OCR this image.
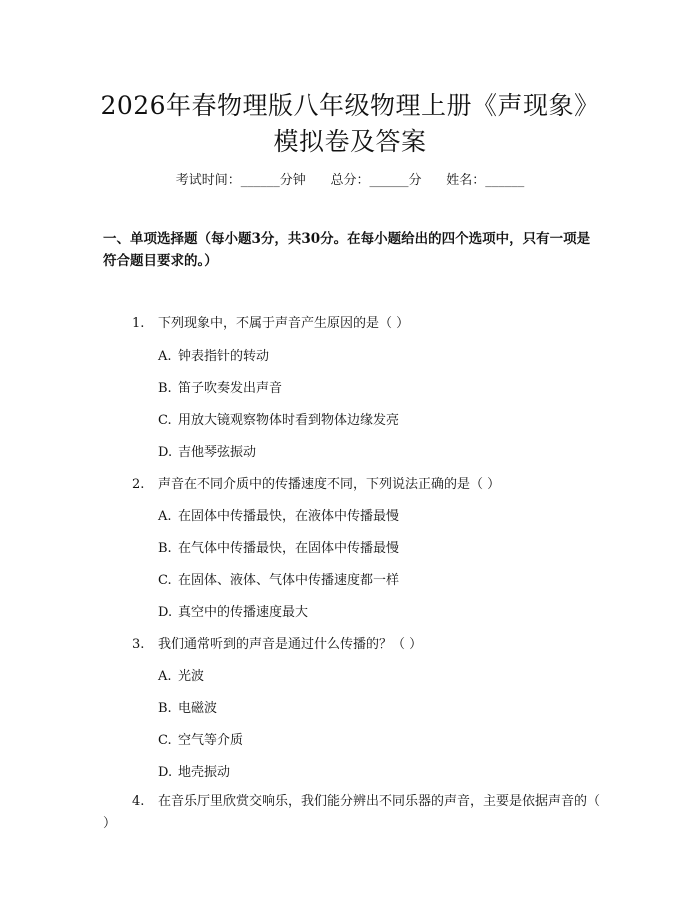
2026年春物理版八年级物理上册《声现象》
模拟卷及答案
考试时间：______分钟      总分：______分      姓名：______
一、单项选择题（每小题3分，共30分。在每小题给出的四个选项中，只有一项是符合题目要求的。）
1. 下列现象中，不属于声音产生原因的是（ ）
A. 钟表指针的转动
B. 笛子吹奏发出声音
C. 用放大镜观察物体时看到物体边缘发亮
D. 吉他琴弦振动
2. 声音在不同介质中的传播速度不同，下列说法正确的是（ ）
A. 在固体中传播最快，在液体中传播最慢
B. 在气体中传播最快，在固体中传播最慢
C. 在固体、液体、气体中传播速度都一样
D. 真空中的传播速度最大
3. 我们通常听到的声音是通过什么传播的？（ ）
A. 光波
B. 电磁波
C. 空气等介质
D. 地壳振动
4. 在音乐厅里欣赏交响乐，我们能分辨出不同乐器的声音，主要是依据声音的（ ）
